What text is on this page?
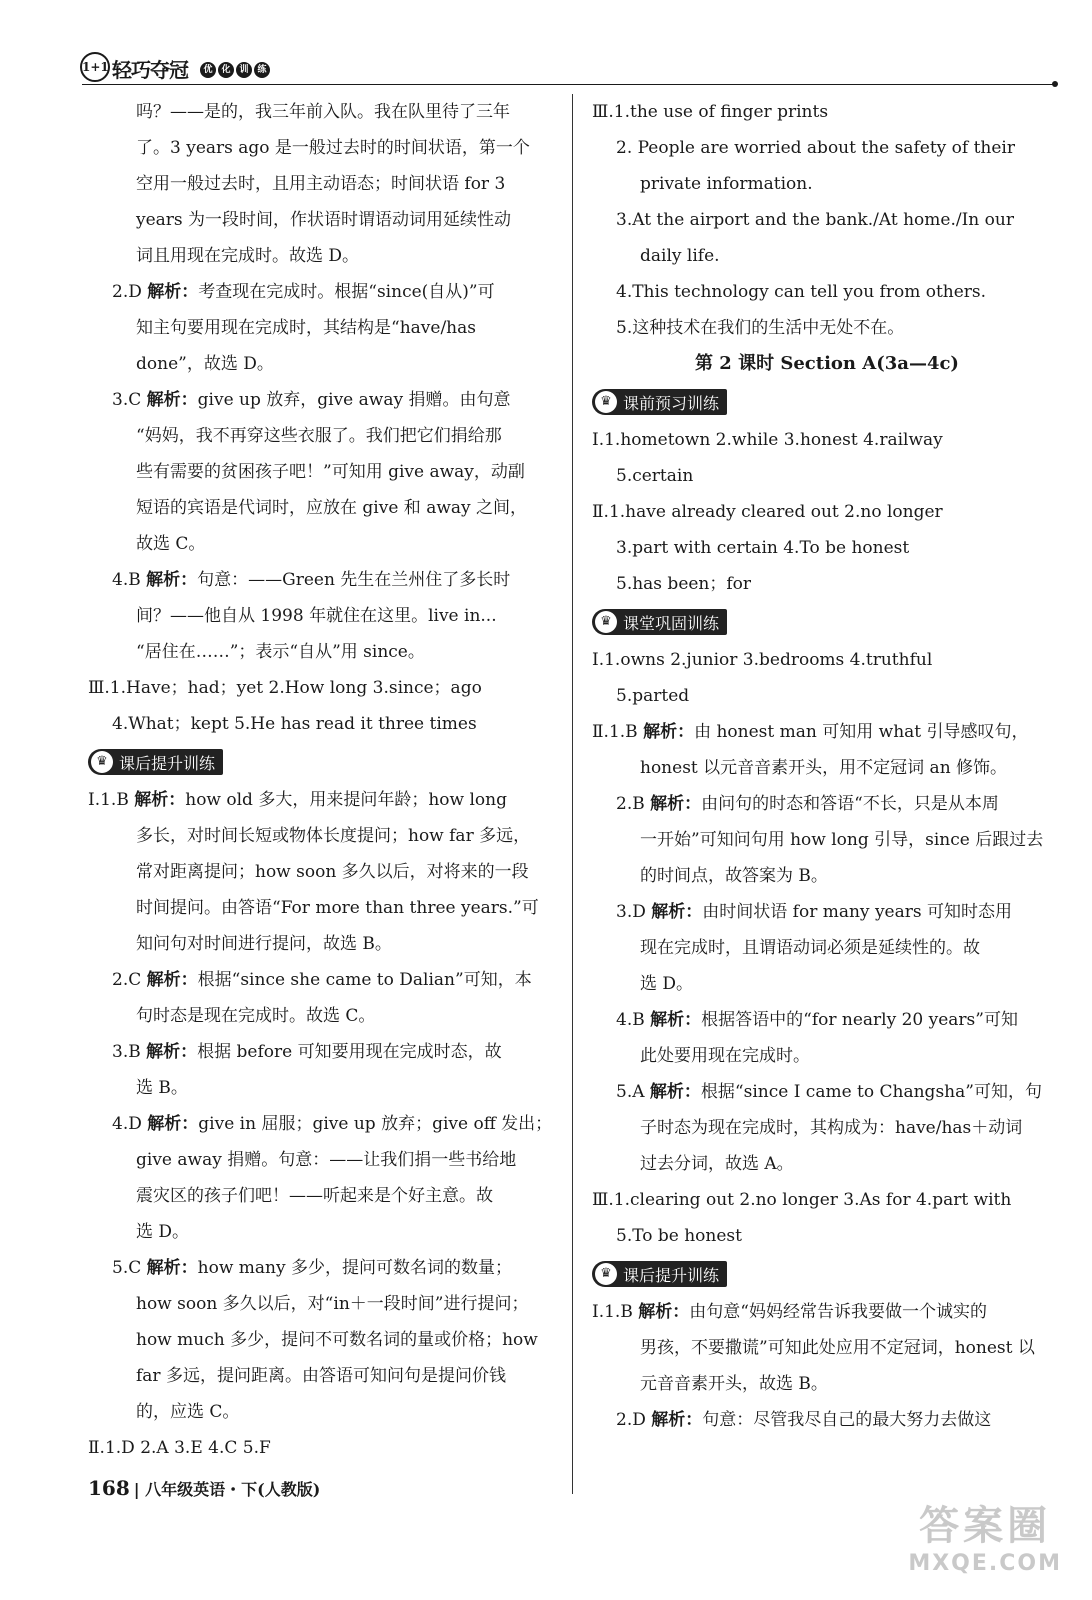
1+1 轻巧夺冠	优 化 训 练
吗？——是的，我三年前入队。我在队里待了三年
了。3 years ago 是一般过去时的时间状语，第一个
空用一般过去时，且用主动语态；时间状语 for 3
years 为一段时间，作状语时谓语动词用延续性动
词且用现在完成时。故选 D。
2.D 解析：考查现在完成时。根据“since(自从)”可
知主句要用现在完成时，其结构是“have/has
done”，故选 D。
3.C 解析：give up 放弃，give away 捐赠。由句意
“妈妈，我不再穿这些衣服了。我们把它们捐给那
些有需要的贫困孩子吧！”可知用 give away，动副
短语的宾语是代词时，应放在 give 和 away 之间，
故选 C。
4.B 解析：句意：——Green 先生在兰州住了多长时
间？——他自从 1998 年就住在这里。live in...
“居住在……”；表示“自从”用 since。
Ⅲ.1.Have；had；yet 2.How long 3.since；ago
4.What；kept 5.He has read it three times
♛ 课后提升训练
Ⅰ.1.B 解析：how old 多大，用来提问年龄；how long
多长，对时间长短或物体长度提问；how far 多远，
常对距离提问；how soon 多久以后，对将来的一段
时间提问。由答语“For more than three years.”可
知问句对时间进行提问，故选 B。
2.C 解析：根据“since she came to Dalian”可知，本
句时态是现在完成时。故选 C。
3.B 解析：根据 before 可知要用现在完成时态，故
选 B。
4.D 解析：give in 屈服；give up 放弃；give off 发出；
give away 捐赠。句意：——让我们捐一些书给地
震灾区的孩子们吧！——听起来是个好主意。故
选 D。
5.C 解析：how many 多少，提问可数名词的数量；
how soon 多久以后，对“in＋一段时间”进行提问；
how much 多少，提问不可数名词的量或价格；how
far 多远，提问距离。由答语可知问句是提问价钱
的，应选 C。
Ⅱ.1.D 2.A 3.E 4.C 5.F
Ⅲ.1.the use of finger prints
2. People are worried about the safety of their
private information.
3.At the airport and the bank./At home./In our
daily life.
4.This technology can tell you from others.
5.这种技术在我们的生活中无处不在。
第 2 课时 Section A(3a—4c)
♛ 课前预习训练
Ⅰ.1.hometown 2.while 3.honest 4.railway
5.certain
Ⅱ.1.have already cleared out 2.no longer
3.part with certain 4.To be honest
5.has been；for
♛ 课堂巩固训练
Ⅰ.1.owns 2.junior 3.bedrooms 4.truthful
5.parted
Ⅱ.1.B 解析：由 honest man 可知用 what 引导感叹句，
honest 以元音音素开头，用不定冠词 an 修饰。
2.B 解析：由问句的时态和答语“不长，只是从本周
一开始”可知问句用 how long 引导，since 后跟过去
的时间点，故答案为 B。
3.D 解析：由时间状语 for many years 可知时态用
现在完成时，且谓语动词必须是延续性的。故
选 D。
4.B 解析：根据答语中的“for nearly 20 years”可知
此处要用现在完成时。
5.A 解析：根据“since I came to Changsha”可知，句
子时态为现在完成时，其构成为：have/has＋动词
过去分词，故选 A。
Ⅲ.1.clearing out 2.no longer 3.As for 4.part with
5.To be honest
♛ 课后提升训练
Ⅰ.1.B 解析：由句意“妈妈经常告诉我要做一个诚实的
男孩，不要撒谎”可知此处应用不定冠词，honest 以
元音音素开头，故选 B。
2.D 解析：句意：尽管我尽自己的最大努力去做这
168 | 八年级英语・下(人教版)
答案圈
MXQE.COM
